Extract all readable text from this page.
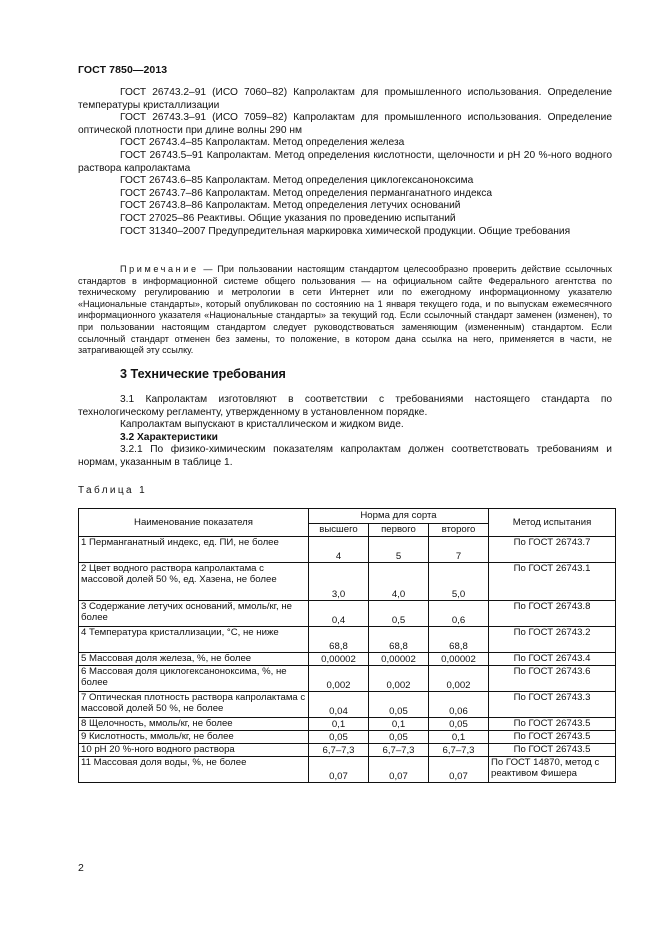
ГОСТ 7850—2013

ГОСТ 26743.2–91 (ИСО 7060–82) Капролактам для промышленного использования. Определение температуры кристаллизации

ГОСТ 26743.3–91 (ИСО 7059–82) Капролактам для промышленного использования. Определение оптической плотности при длине волны 290 нм

ГОСТ 26743.4–85 Капролактам. Метод определения железа

ГОСТ 26743.5–91 Капролактам. Метод определения кислотности, щелочности и рН 20 %-ного водного раствора капролактама

ГОСТ 26743.6–85 Капролактам. Метод определения циклогексаноноксима

ГОСТ 26743.7–86 Капролактам. Метод определения перманганатного индекса

ГОСТ 26743.8–86 Капролактам. Метод определения летучих оснований

ГОСТ 27025–86 Реактивы. Общие указания по проведению испытаний

ГОСТ 31340–2007 Предупредительная маркировка химической продукции. Общие требования

Примечание — При пользовании настоящим стандартом целесообразно проверить действие ссылочных стандартов в информационной системе общего пользования — на официальном сайте Федерального агентства по техническому регулированию и метрологии в сети Интернет или по ежегодному информационному указателю «Национальные стандарты», который опубликован по состоянию на 1 января текущего года, и по выпускам ежемесячного информационного указателя «Национальные стандарты» за текущий год. Если ссылочный стандарт заменен (изменен), то при пользовании настоящим стандартом следует руководствоваться заменяющим (измененным) стандартом. Если ссылочный стандарт отменен без замены, то положение, в котором дана ссылка на него, применяется в части, не затрагивающей эту ссылку.

3 Технические требования

3.1 Капролактам изготовляют в соответствии с требованиями настоящего стандарта по технологическому регламенту, утвержденному в установленном порядке.

Капролактам выпускают в кристаллическом и жидком виде.

3.2 Характеристики

3.2.1 По физико-химическим показателям капролактам должен соответствовать требованиям и нормам, указанным в таблице 1.

Таблица 1
Наименование показателя	Норма для сорта			Метод испытания
	высшего	первого	второго	
1 Перманганатный индекс, ед. ПИ, не более	4	5	7	По ГОСТ 26743.7
2 Цвет водного раствора капролактама с массовой долей 50 %, ед. Хазена, не более	3,0	4,0	5,0	По ГОСТ 26743.1
3 Содержание летучих оснований, ммоль/кг, не более	0,4	0,5	0,6	По ГОСТ 26743.8
4 Температура кристаллизации, °С, не ниже	68,8	68,8	68,8	По ГОСТ 26743.2
5 Массовая доля железа, %, не более	0,00002	0,00002	0,00002	По ГОСТ 26743.4
6 Массовая доля циклогексаноноксима, %, не более	0,002	0,002	0,002	По ГОСТ 26743.6
7 Оптическая плотность раствора капролактама с массовой долей 50 %, не более	0,04	0,05	0,06	По ГОСТ 26743.3
8 Щелочность, ммоль/кг, не более	0,1	0,1	0,05	По ГОСТ 26743.5
9 Кислотность, ммоль/кг, не более	0,05	0,05	0,1	По ГОСТ 26743.5
10 рН 20 %-ного водного раствора	6,7–7,3	6,7–7,3	6,7–7,3	По ГОСТ 26743.5
11 Массовая доля воды, %, не более	0,07	0,07	0,07	По ГОСТ 14870, метод с реактивом Фишера
2
